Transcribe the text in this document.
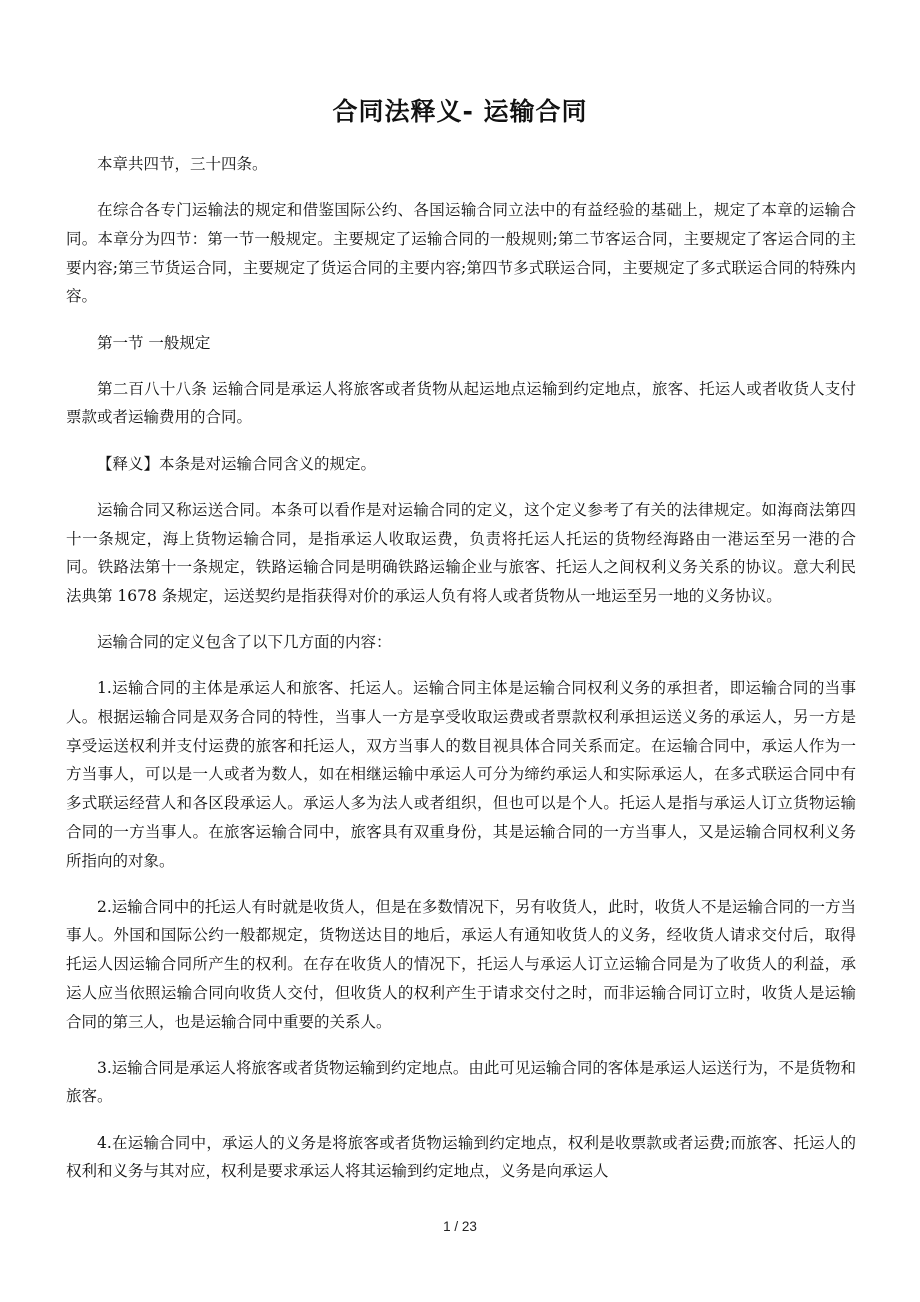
合同法释义- 运输合同

本章共四节，三十四条。

在综合各专门运输法的规定和借鉴国际公约、各国运输合同立法中的有益经验的基础上，规定了本章的运输合同。本章分为四节：第一节一般规定。主要规定了运输合同的一般规则;第二节客运合同，主要规定了客运合同的主要内容;第三节货运合同，主要规定了货运合同的主要内容;第四节多式联运合同，主要规定了多式联运合同的特殊内容。

第一节 一般规定

第二百八十八条 运输合同是承运人将旅客或者货物从起运地点运输到约定地点，旅客、托运人或者收货人支付票款或者运输费用的合同。

【释义】本条是对运输合同含义的规定。

运输合同又称运送合同。本条可以看作是对运输合同的定义，这个定义参考了有关的法律规定。如海商法第四十一条规定，海上货物运输合同，是指承运人收取运费，负责将托运人托运的货物经海路由一港运至另一港的合同。铁路法第十一条规定，铁路运输合同是明确铁路运输企业与旅客、托运人之间权利义务关系的协议。意大利民法典第 1678 条规定，运送契约是指获得对价的承运人负有将人或者货物从一地运至另一地的义务协议。

运输合同的定义包含了以下几方面的内容：

1.运输合同的主体是承运人和旅客、托运人。运输合同主体是运输合同权利义务的承担者，即运输合同的当事人。根据运输合同是双务合同的特性，当事人一方是享受收取运费或者票款权利承担运送义务的承运人，另一方是享受运送权利并支付运费的旅客和托运人，双方当事人的数目视具体合同关系而定。在运输合同中，承运人作为一方当事人，可以是一人或者为数人，如在相继运输中承运人可分为缔约承运人和实际承运人，在多式联运合同中有多式联运经营人和各区段承运人。承运人多为法人或者组织，但也可以是个人。托运人是指与承运人订立货物运输合同的一方当事人。在旅客运输合同中，旅客具有双重身份，其是运输合同的一方当事人，又是运输合同权利义务所指向的对象。

2.运输合同中的托运人有时就是收货人，但是在多数情况下，另有收货人，此时，收货人不是运输合同的一方当事人。外国和国际公约一般都规定，货物送达目的地后，承运人有通知收货人的义务，经收货人请求交付后，取得托运人因运输合同所产生的权利。在存在收货人的情况下，托运人与承运人订立运输合同是为了收货人的利益，承运人应当依照运输合同向收货人交付，但收货人的权利产生于请求交付之时，而非运输合同订立时，收货人是运输合同的第三人，也是运输合同中重要的关系人。

3.运输合同是承运人将旅客或者货物运输到约定地点。由此可见运输合同的客体是承运人运送行为，不是货物和旅客。

4.在运输合同中，承运人的义务是将旅客或者货物运输到约定地点，权利是收票款或者运费;而旅客、托运人的权利和义务与其对应，权利是要求承运人将其运输到约定地点，义务是向承运人

1 / 23
